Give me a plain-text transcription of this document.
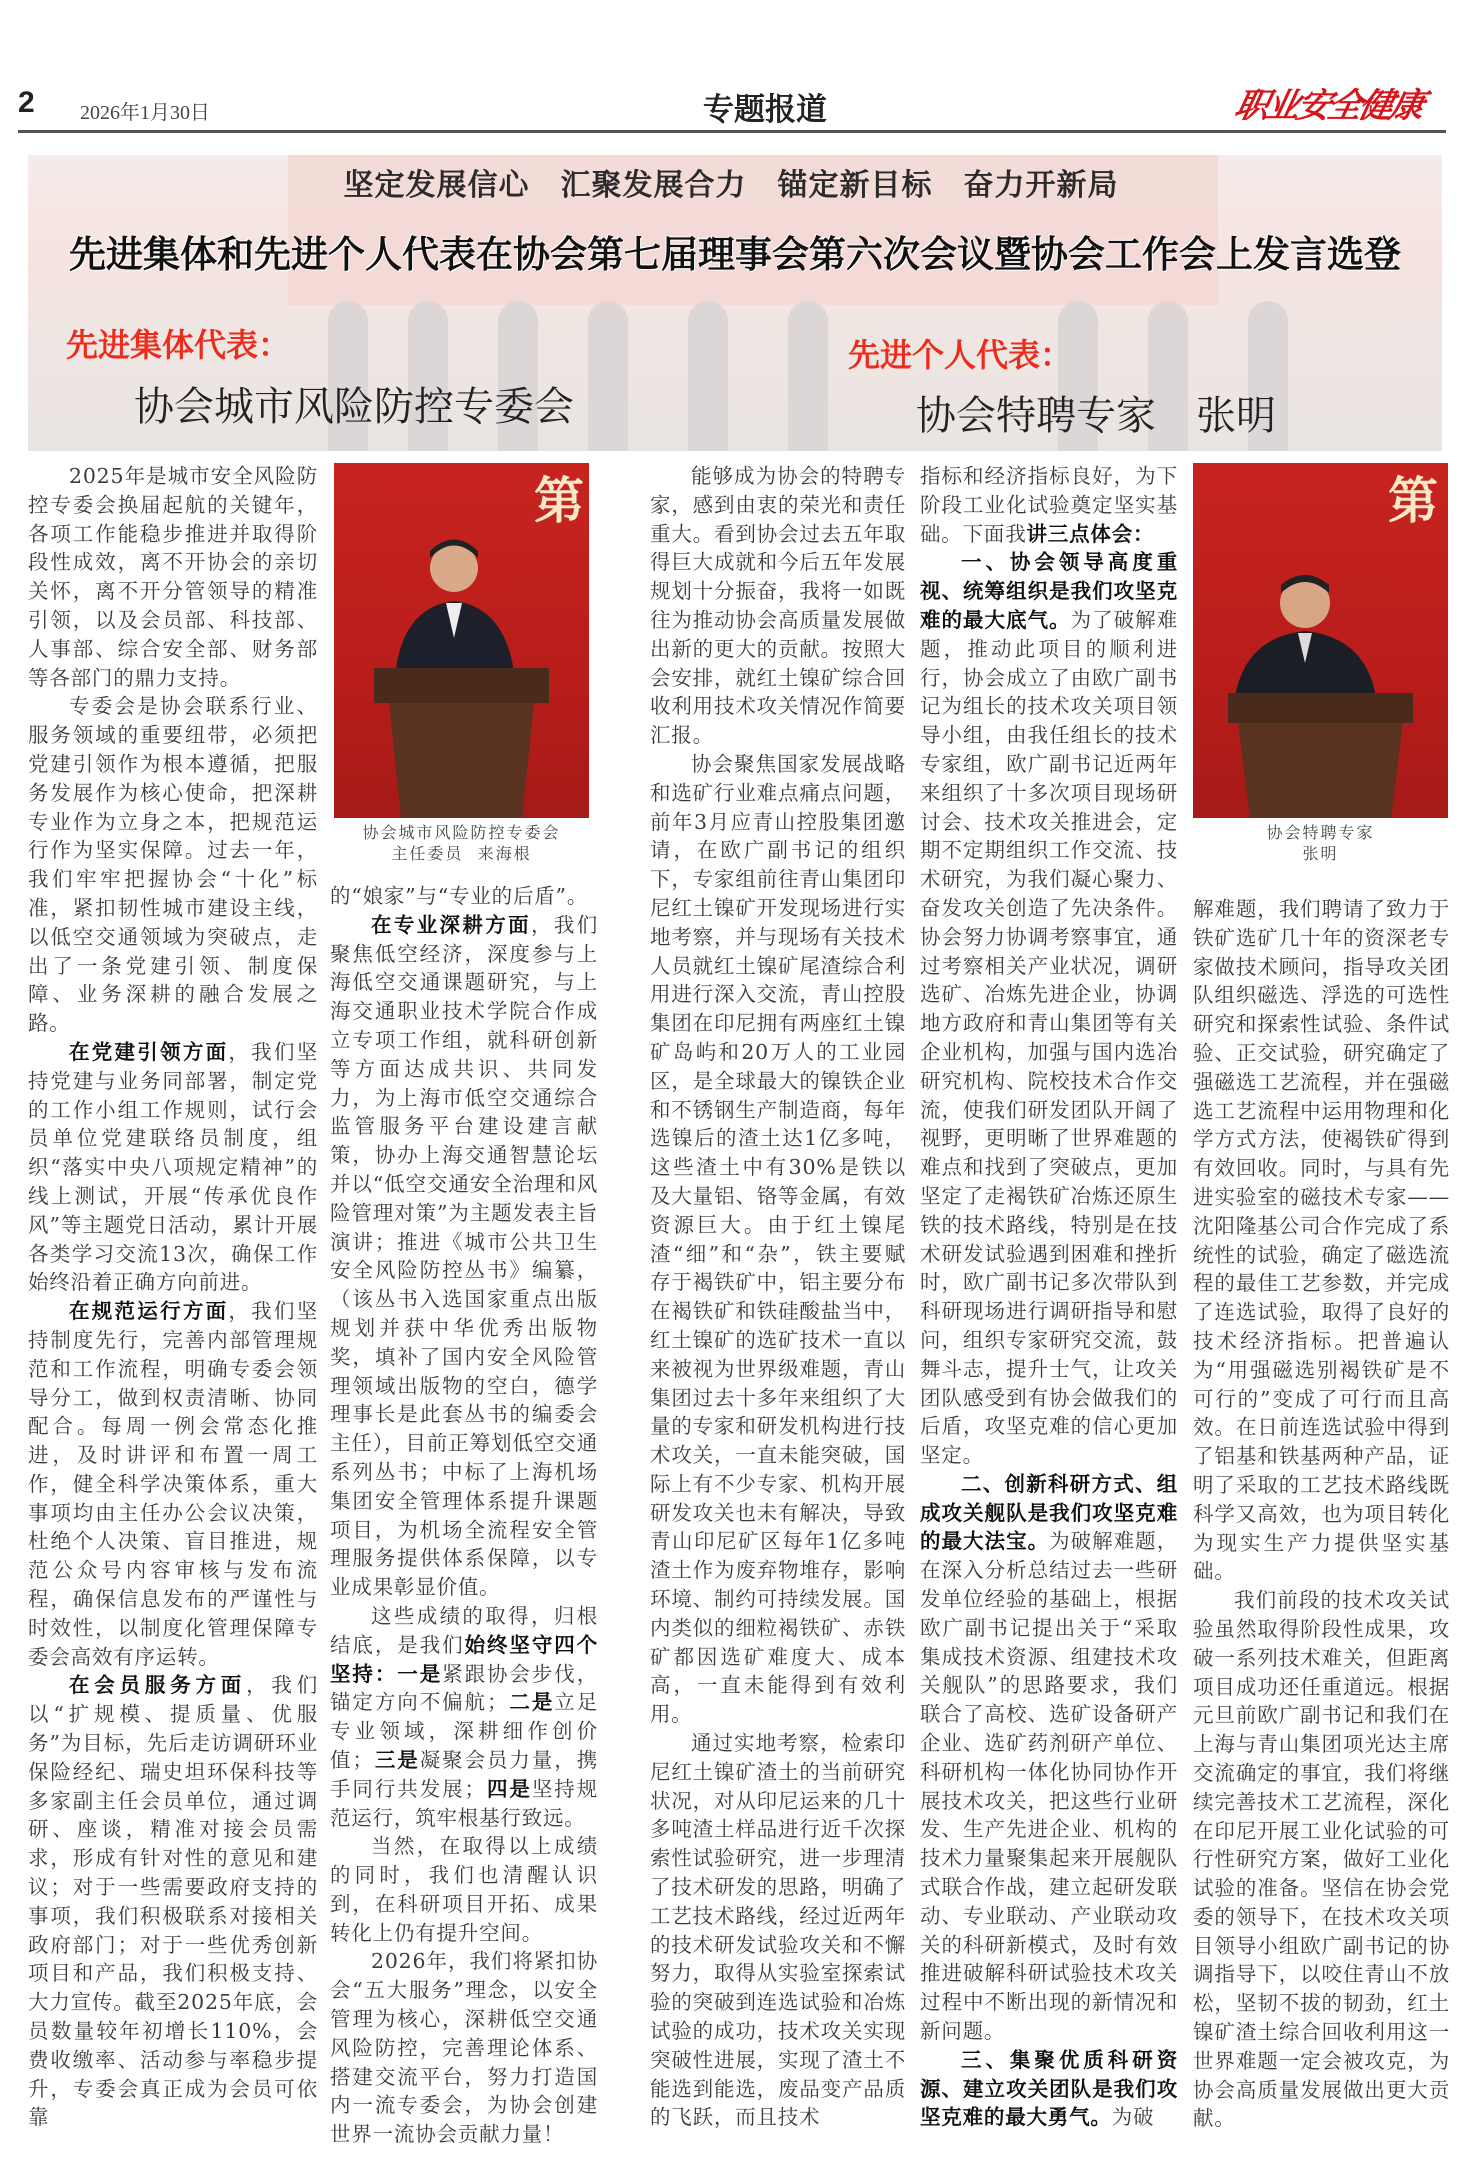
2 2026年1月30日	专题报道	职业安全健康
坚定发展信心　汇聚发展合力　锚定新目标　奋力开新局
先进集体和先进个人代表在协会第七届理事会第六次会议暨协会工作会上发言选登
先进集体代表：
协会城市风险防控专委会
先进个人代表：
协会特聘专家　张明
第
协会城市风险防控专委会
主任委员  来海根
第
协会特聘专家
张明

2025年是城市安全风险防控专委会换届起航的关键年，各项工作能稳步推进并取得阶段性成效，离不开协会的亲切关怀，离不开分管领导的精准引领，以及会员部、科技部、人事部、综合安全部、财务部等各部门的鼎力支持。

专委会是协会联系行业、服务领域的重要纽带，必须把党建引领作为根本遵循，把服务发展作为核心使命，把深耕专业作为立身之本，把规范运行作为坚实保障。过去一年，我们牢牢把握协会“十化”标准，紧扣韧性城市建设主线，以低空交通领域为突破点，走出了一条党建引领、制度保障、业务深耕的融合发展之路。

在党建引领方面，我们坚持党建与业务同部署，制定党的工作小组工作规则，试行会员单位党建联络员制度，组织“落实中央八项规定精神”的线上测试，开展“传承优良作风”等主题党日活动，累计开展各类学习交流13次，确保工作始终沿着正确方向前进。

在规范运行方面，我们坚持制度先行，完善内部管理规范和工作流程，明确专委会领导分工，做到权责清晰、协同配合。每周一例会常态化推进，及时讲评和布置一周工作，健全科学决策体系，重大事项均由主任办公会议决策，杜绝个人决策、盲目推进，规范公众号内容审核与发布流程，确保信息发布的严谨性与时效性，以制度化管理保障专委会高效有序运转。

在会员服务方面，我们以“扩规模、提质量、优服务”为目标，先后走访调研环业保险经纪、瑞史坦环保科技等多家副主任会员单位，通过调研、座谈，精准对接会员需求，形成有针对性的意见和建议；对于一些需要政府支持的事项，我们积极联系对接相关政府部门；对于一些优秀创新项目和产品，我们积极支持、大力宣传。截至2025年底，会员数量较年初增长110%，会费收缴率、活动参与率稳步提升，专委会真正成为会员可依靠

的“娘家”与“专业的后盾”。

在专业深耕方面，我们聚焦低空经济，深度参与上海低空交通课题研究，与上海交通职业技术学院合作成立专项工作组，就科研创新等方面达成共识、共同发力，为上海市低空交通综合监管服务平台建设建言献策，协办上海交通智慧论坛并以“低空交通安全治理和风险管理对策”为主题发表主旨演讲；推进《城市公共卫生安全风险防控丛书》编纂，（该丛书入选国家重点出版规划并获中华优秀出版物奖，填补了国内安全风险管理领域出版物的空白，德学理事长是此套丛书的编委会主任），目前正筹划低空交通系列丛书；中标了上海机场集团安全管理体系提升课题项目，为机场全流程安全管理服务提供体系保障，以专业成果彰显价值。

这些成绩的取得，归根结底，是我们始终坚守四个坚持：一是紧跟协会步伐，锚定方向不偏航；二是立足专业领域，深耕细作创价值；三是凝聚会员力量，携手同行共发展；四是坚持规范运行，筑牢根基行致远。

当然，在取得以上成绩的同时，我们也清醒认识到，在科研项目开拓、成果转化上仍有提升空间。

2026年，我们将紧扣协会“五大服务”理念，以安全管理为核心，深耕低空交通风险防控，完善理论体系、搭建交流平台，努力打造国内一流专委会，为协会创建世界一流协会贡献力量！

能够成为协会的特聘专家，感到由衷的荣光和责任重大。看到协会过去五年取得巨大成就和今后五年发展规划十分振奋，我将一如既往为推动协会高质量发展做出新的更大的贡献。按照大会安排，就红土镍矿综合回收利用技术攻关情况作简要汇报。

协会聚焦国家发展战略和选矿行业难点痛点问题，前年3月应青山控股集团邀请，在欧广副书记的组织下，专家组前往青山集团印尼红土镍矿开发现场进行实地考察，并与现场有关技术人员就红土镍矿尾渣综合利用进行深入交流，青山控股集团在印尼拥有两座红土镍矿岛屿和20万人的工业园区，是全球最大的镍铁企业和不锈钢生产制造商，每年选镍后的渣土达1亿多吨，这些渣土中有30%是铁以及大量铝、铬等金属，有效资源巨大。由于红土镍尾渣“细”和“杂”，铁主要赋存于褐铁矿中，铝主要分布在褐铁矿和铁硅酸盐当中，红土镍矿的选矿技术一直以来被视为世界级难题，青山集团过去十多年来组织了大量的专家和研发机构进行技术攻关，一直未能突破，国际上有不少专家、机构开展研发攻关也未有解决，导致青山印尼矿区每年1亿多吨渣土作为废弃物堆存，影响环境、制约可持续发展。国内类似的细粒褐铁矿、赤铁矿都因选矿难度大、成本高，一直未能得到有效利用。

通过实地考察，检索印尼红土镍矿渣土的当前研究状况，对从印尼运来的几十多吨渣土样品进行近千次探索性试验研究，进一步理清了技术研发的思路，明确了工艺技术路线，经过近两年的技术研发试验攻关和不懈努力，取得从实验室探索试验的突破到连选试验和冶炼试验的成功，技术攻关实现突破性进展，实现了渣土不能选到能选，废品变产品质的飞跃，而且技术

指标和经济指标良好，为下阶段工业化试验奠定坚实基础。下面我讲三点体会：

一、协会领导高度重视、统筹组织是我们攻坚克难的最大底气。为了破解难题，推动此项目的顺利进行，协会成立了由欧广副书记为组长的技术攻关项目领导小组，由我任组长的技术专家组，欧广副书记近两年来组织了十多次项目现场研讨会、技术攻关推进会，定期不定期组织工作交流、技术研究，为我们凝心聚力、奋发攻关创造了先决条件。协会努力协调考察事宜，通过考察相关产业状况，调研选矿、冶炼先进企业，协调地方政府和青山集团等有关企业机构，加强与国内选冶研究机构、院校技术合作交流，使我们研发团队开阔了视野，更明晰了世界难题的难点和找到了突破点，更加坚定了走褐铁矿冶炼还原生铁的技术路线，特别是在技术研发试验遇到困难和挫折时，欧广副书记多次带队到科研现场进行调研指导和慰问，组织专家研究交流，鼓舞斗志，提升士气，让攻关团队感受到有协会做我们的后盾，攻坚克难的信心更加坚定。

二、创新科研方式、组成攻关舰队是我们攻坚克难的最大法宝。为破解难题，在深入分析总结过去一些研发单位经验的基础上，根据欧广副书记提出关于“采取集成技术资源、组建技术攻关舰队”的思路要求，我们联合了高校、选矿设备研产企业、选矿药剂研产单位、科研机构一体化协同协作开展技术攻关，把这些行业研发、生产先进企业、机构的技术力量聚集起来开展舰队式联合作战，建立起研发联动、专业联动、产业联动攻关的科研新模式，及时有效推进破解科研试验技术攻关过程中不断出现的新情况和新问题。

三、集聚优质科研资源、建立攻关团队是我们攻坚克难的最大勇气。为破

解难题，我们聘请了致力于铁矿选矿几十年的资深老专家做技术顾问，指导攻关团队组织磁选、浮选的可选性研究和探索性试验、条件试验、正交试验，研究确定了强磁选工艺流程，并在强磁选工艺流程中运用物理和化学方式方法，使褐铁矿得到有效回收。同时，与具有先进实验室的磁技术专家——沈阳隆基公司合作完成了系统性的试验，确定了磁选流程的最佳工艺参数，并完成了连选试验，取得了良好的技术经济指标。把普遍认为“用强磁选别褐铁矿是不可行的”变成了可行而且高效。在日前连选试验中得到了铝基和铁基两种产品，证明了采取的工艺技术路线既科学又高效，也为项目转化为现实生产力提供坚实基础。

我们前段的技术攻关试验虽然取得阶段性成果，攻破一系列技术难关，但距离项目成功还任重道远。根据元旦前欧广副书记和我们在上海与青山集团项光达主席交流确定的事宜，我们将继续完善技术工艺流程，深化在印尼开展工业化试验的可行性研究方案，做好工业化试验的准备。坚信在协会党委的领导下，在技术攻关项目领导小组欧广副书记的协调指导下，以咬住青山不放松，坚韧不拔的韧劲，红土镍矿渣土综合回收利用这一世界难题一定会被攻克，为协会高质量发展做出更大贡献。
